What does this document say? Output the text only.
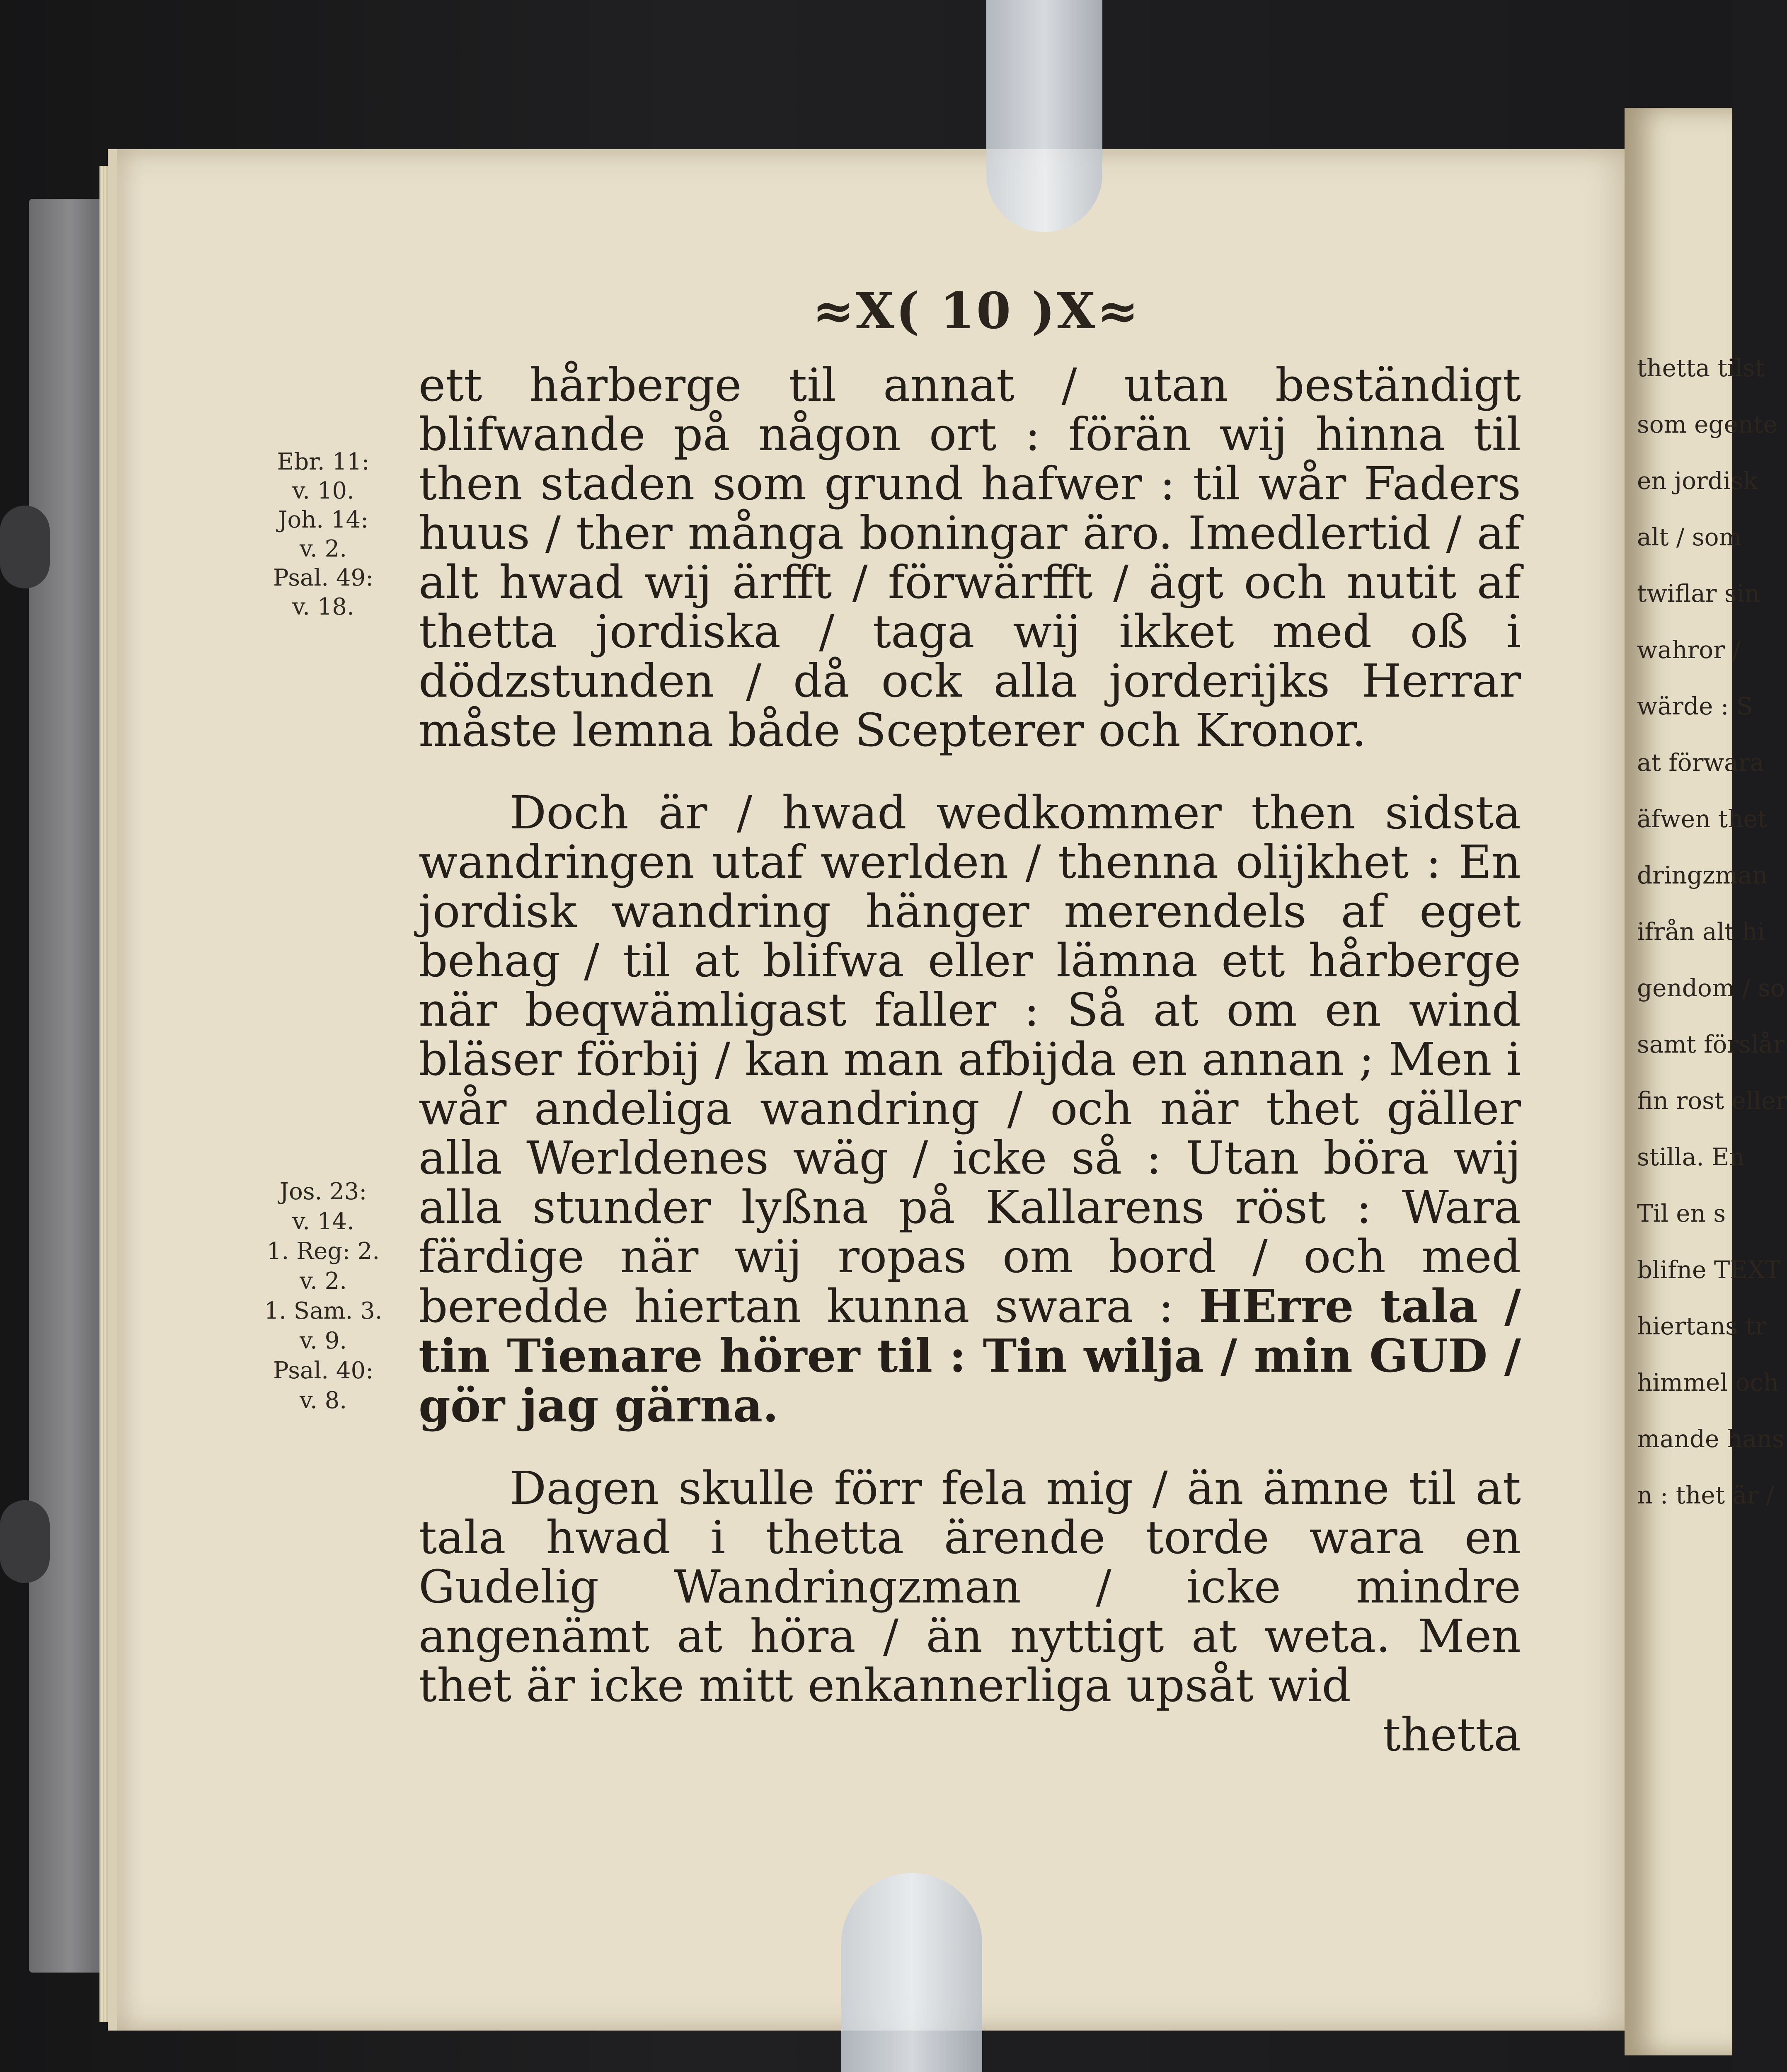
≈X( 10 )X≈
Ebr. 11:
v. 10.
Joh. 14:
v. 2.
Psal. 49:
v. 18.
Jos. 23:
v. 14.
1. Reg: 2.
v. 2.
1. Sam. 3.
v. 9.
Psal. 40:
v. 8.

ett hårberge til annat / utan beständigt blifwande på någon ort : förän wij hinna til then staden som grund hafwer : til wår Faders huus / ther många boningar äro. Imedlertid / af alt hwad wij ärfft / förwärfft / ägt och nutit af thetta jordiska / taga wij ikket med oß i dödzstunden / då ock alla jorderijks Herrar måste lemna både Scepterer och Kronor.

Doch är / hwad wedkommer then sidsta wandringen utaf werlden / thenna olijkhet : En jordisk wandring hänger merendels af eget behag / til at blifwa eller lämna ett hårberge när beqwämligast faller : Så at om en wind bläser förbij / kan man afbijda en annan ; Men i wår andeliga wandring / och när thet gäller alla Werldenes wäg / icke så : Utan böra wij alla stunder lyßna på Kallarens röst : Wara färdige när wij ropas om bord / och med beredde hiertan kunna swara : HErre tala / tin Tienare hörer til : Tin wilja / min GUD / gör jag gärna.

Dagen skulle förr fela mig / än ämne til at tala hwad i thetta ärende torde wara en Gudelig Wandringzman / icke mindre angenämt at höra / än nyttigt at weta. Men thet är icke mitt enkannerliga upsåt wid

thetta
thetta tilst
som egente
en jordisk
alt / som
twiflar sin
wahror /
wärde : S
at förwara
äfwen thet
dringzman
ifrån alt hi
gendom / so
samt förslår
fin rost eller
stilla. En
Til en s
blifne TEXT
hiertans tr
himmel och
mande hans
n : thet är /
